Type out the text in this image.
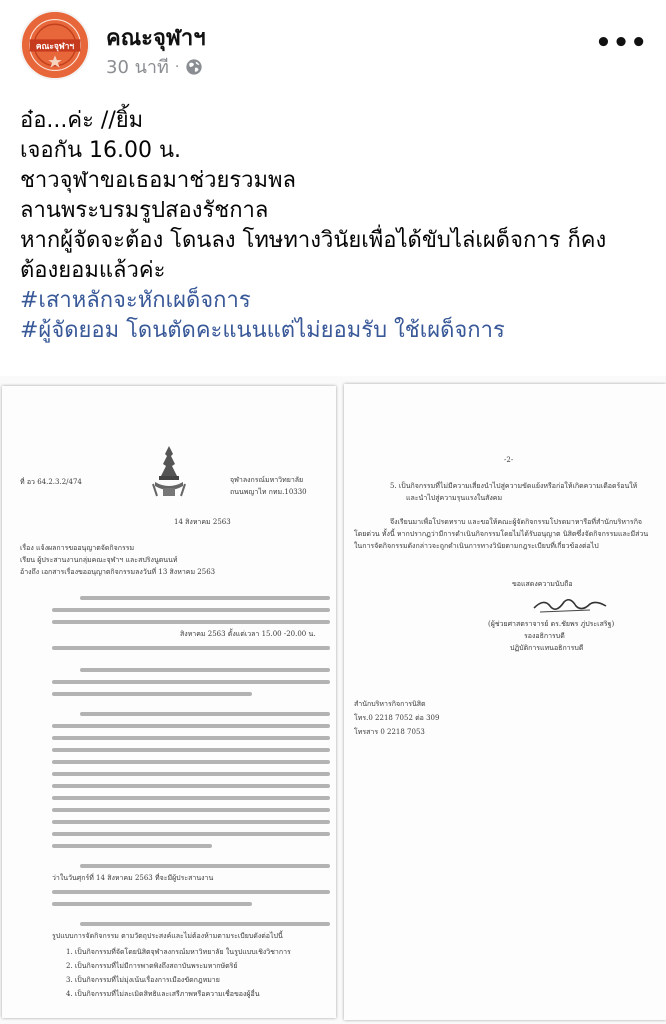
คณะจุฬาฯ คณะจุฬาฯ
30 นาที ·
•••
อ๋อ...ค่ะ //ยิ้ม
เจอกัน 16.00 น.
ชาวจุฬาขอเธอมาช่วยรวมพล
ลานพระบรมรูปสองรัชกาล
หากผู้จัดจะต้อง โดนลง โทษทางวินัยเพื่อได้ขับไล่เผด็จการ ก็คง
ต้องยอมแล้วค่ะ
#เสาหลักจะหักเผด็จการ
#ผู้จัดยอม โดนตัดคะแนนแต่ไม่ยอมรับ ใช้เผด็จการ
ที่ อว 64.2.3.2/474	จุฬาลงกรณ์มหาวิทยาลัย
ถนนพญาไท กทม.10330
14 สิงหาคม 2563
เรื่อง แจ้งผลการขออนุญาตจัดกิจกรรม
เรียน ผู้ประสานงานกลุ่มคณะจุฬาฯ และสปริงนูตนนท์
อ้างถึง เอกสารเรื่องขออนุญาตกิจกรรมลงวันที่ 13 สิงหาคม 2563
สิงหาคม 2563 ตั้งแต่เวลา 15.00 -20.00 น.
ว่าในวันศุกร์ที่ 14 สิงหาคม 2563 ที่จะมีผู้ประสานงาน
รูปแบบการจัดกิจกรรม ตามวัตถุประสงค์และไม่ต้องห้ามตามระเบียบดังต่อไปนี้
1. เป็นกิจกรรมที่จัดโดยนิสิตจุฬาลงกรณ์มหาวิทยาลัย ในรูปแบบเชิงวิชาการ
2. เป็นกิจกรรมที่ไม่มีการพาดพิงถึงสถาบันพระมหากษัตริย์
3. เป็นกิจกรรมที่ไม่มุ่งเน้นเรื่องการเมืองขัดกฎหมาย
4. เป็นกิจกรรมที่ไม่ละเมิดสิทธิและเสรีภาพหรือความเชื่อของผู้อื่น
-2-
5. เป็นกิจกรรมที่ไม่มีความเสี่ยงนำไปสู่ความขัดแย้งหรือก่อให้เกิดความเดือดร้อนให้
และนำไปสู่ความรุนแรงในสังคม
จึงเรียนมาเพื่อโปรดทราบ และขอให้คณะผู้จัดกิจกรรมโปรดมาหารือที่สำนักบริหารกิจ
โดยด่วน ทั้งนี้ หากปรากฏว่ามีการดำเนินกิจกรรมโดยไม่ได้รับอนุญาต นิสิตซึ่งจัดกิจกรรมและมีส่วน
ในการจัดกิจกรรมดังกล่าวจะถูกดำเนินการทางวินัยตามกฎระเบียบที่เกี่ยวข้องต่อไป
ขอแสดงความนับถือ
(ผู้ช่วยศาสตราจารย์ ดร.ชัยพร ภู่ประเสริฐ)
รองอธิการบดี
ปฏิบัติการแทนอธิการบดี
สำนักบริหารกิจการนิสิต
โทร.0 2218 7052 ต่อ 309
โทรสาร 0 2218 7053
